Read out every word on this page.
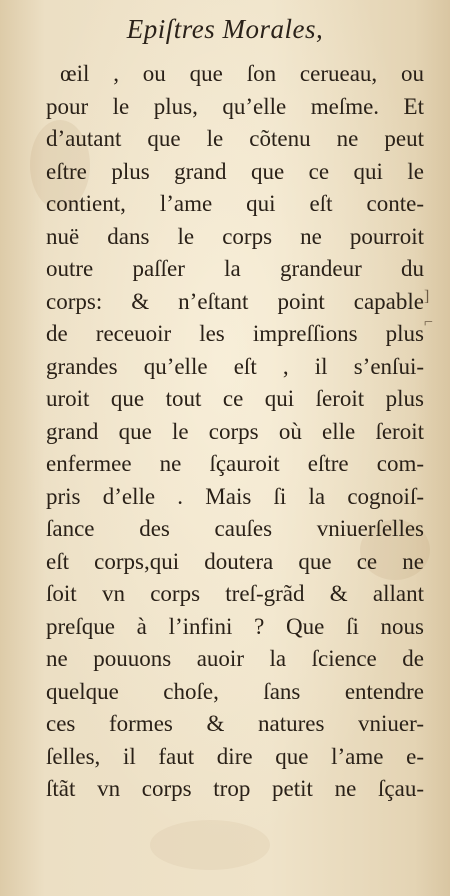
Epiſtres Morales,
œil , ou que ſon cerueau, ou
pour le plus, qu’elle meſme. Et
d’autant que le cõtenu ne peut
eſtre plus grand que ce qui le
contient, l’ame qui eſt conte-
nuë dans le corps ne pourroit
outre paſſer la grandeur du
corps: & n’eſtant point capable
de receuoir les impreſſions plus
grandes qu’elle eſt , il s’enſui-
uroit que tout ce qui ſeroit plus
grand que le corps où elle ſeroit
enfermee ne ſçauroit eſtre com-
pris d’elle . Mais ſi la cognoiſ-
ſance des cauſes vniuerſelles
eſt corps,qui doutera que ce ne
ſoit vn corps treſ-grãd & allant
preſque à l’infini ? Que ſi nous
ne pouuons auoir la ſcience de
quelque choſe, ſans entendre
ces formes & natures vniuer-
ſelles, il faut dire que l’ame e-
ſtãt vn corps trop petit ne ſçau-
]
⌐
